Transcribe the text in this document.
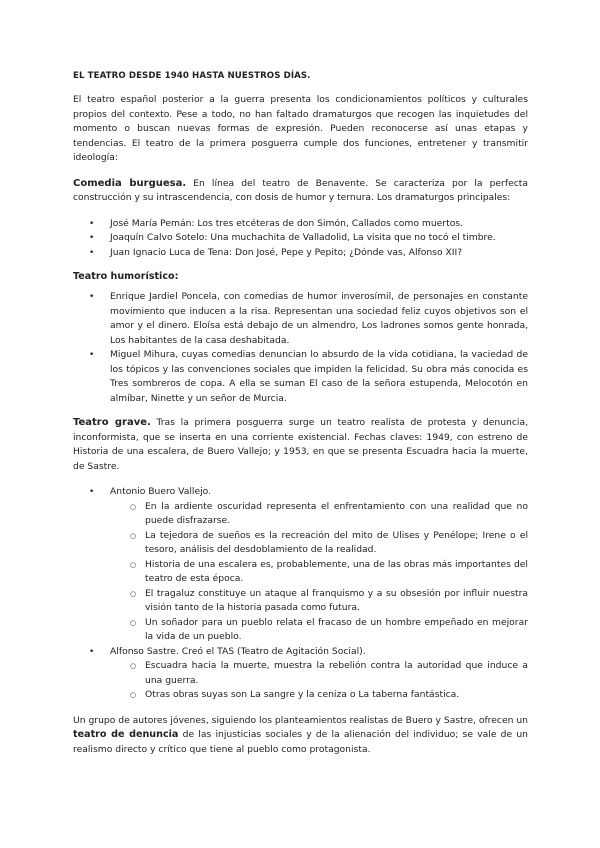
EL TEATRO DESDE 1940 HASTA NUESTROS DÍAS.

El teatro español posterior a la guerra presenta los condicionamientos políticos y culturales propios del contexto. Pese a todo, no han faltado dramaturgos que recogen las inquietudes del momento o buscan nuevas formas de expresión. Pueden reconocerse así unas etapas y tendencias. El teatro de la primera posguerra cumple dos funciones, entretener y transmitir ideología:

Comedia burguesa. En línea del teatro de Benavente. Se caracteriza por la perfecta construcción y su intrascendencia, con dosis de humor y ternura. Los dramaturgos principales:

• José María Pemán: Los tres etcéteras de don Simón, Callados como muertos.
• Joaquín Calvo Sotelo: Una muchachita de Valladolid, La visita que no tocó el timbre.
• Juan Ignacio Luca de Tena: Don José, Pepe y Pepito; ¿Dónde vas, Alfonso XII?
Teatro humorístico:
• Enrique Jardiel Poncela, con comedias de humor inverosímil, de personajes en constante movimiento que inducen a la risa. Representan una sociedad feliz cuyos objetivos son el amor y el dinero. Eloísa está debajo de un almendro, Los ladrones somos gente honrada, Los habitantes de la casa deshabitada.
• Miguel Mihura, cuyas comedias denuncian lo absurdo de la vida cotidiana, la vaciedad de los tópicos y las convenciones sociales que impiden la felicidad. Su obra más conocida es Tres sombreros de copa. A ella se suman El caso de la señora estupenda, Melocotón en almíbar, Ninette y un señor de Murcia.

Teatro grave. Tras la primera posguerra surge un teatro realista de protesta y denuncia, inconformista, que se inserta en una corriente existencial. Fechas claves: 1949, con estreno de Historia de una escalera, de Buero Vallejo; y 1953, en que se presenta Escuadra hacia la muerte, de Sastre.

• Antonio Buero Vallejo.
○ En la ardiente oscuridad representa el enfrentamiento con una realidad que no puede disfrazarse.
○ La tejedora de sueños es la recreación del mito de Ulises y Penélope; Irene o el tesoro, análisis del desdoblamiento de la realidad.
○ Historia de una escalera es, probablemente, una de las obras más importantes del teatro de esta época.
○ El tragaluz constituye un ataque al franquismo y a su obsesión por influir nuestra visión tanto de la historia pasada como futura.
○ Un soñador para un pueblo relata el fracaso de un hombre empeñado en mejorar la vida de un pueblo.
• Alfonso Sastre. Creó el TAS (Teatro de Agitación Social).
○ Escuadra hacia la muerte, muestra la rebelión contra la autoridad que induce a una guerra.
○ Otras obras suyas son La sangre y la ceniza o La taberna fantástica.

Un grupo de autores jóvenes, siguiendo los planteamientos realistas de Buero y Sastre, ofrecen un teatro de denuncia de las injusticias sociales y de la alienación del individuo; se vale de un realismo directo y crítico que tiene al pueblo como protagonista.
